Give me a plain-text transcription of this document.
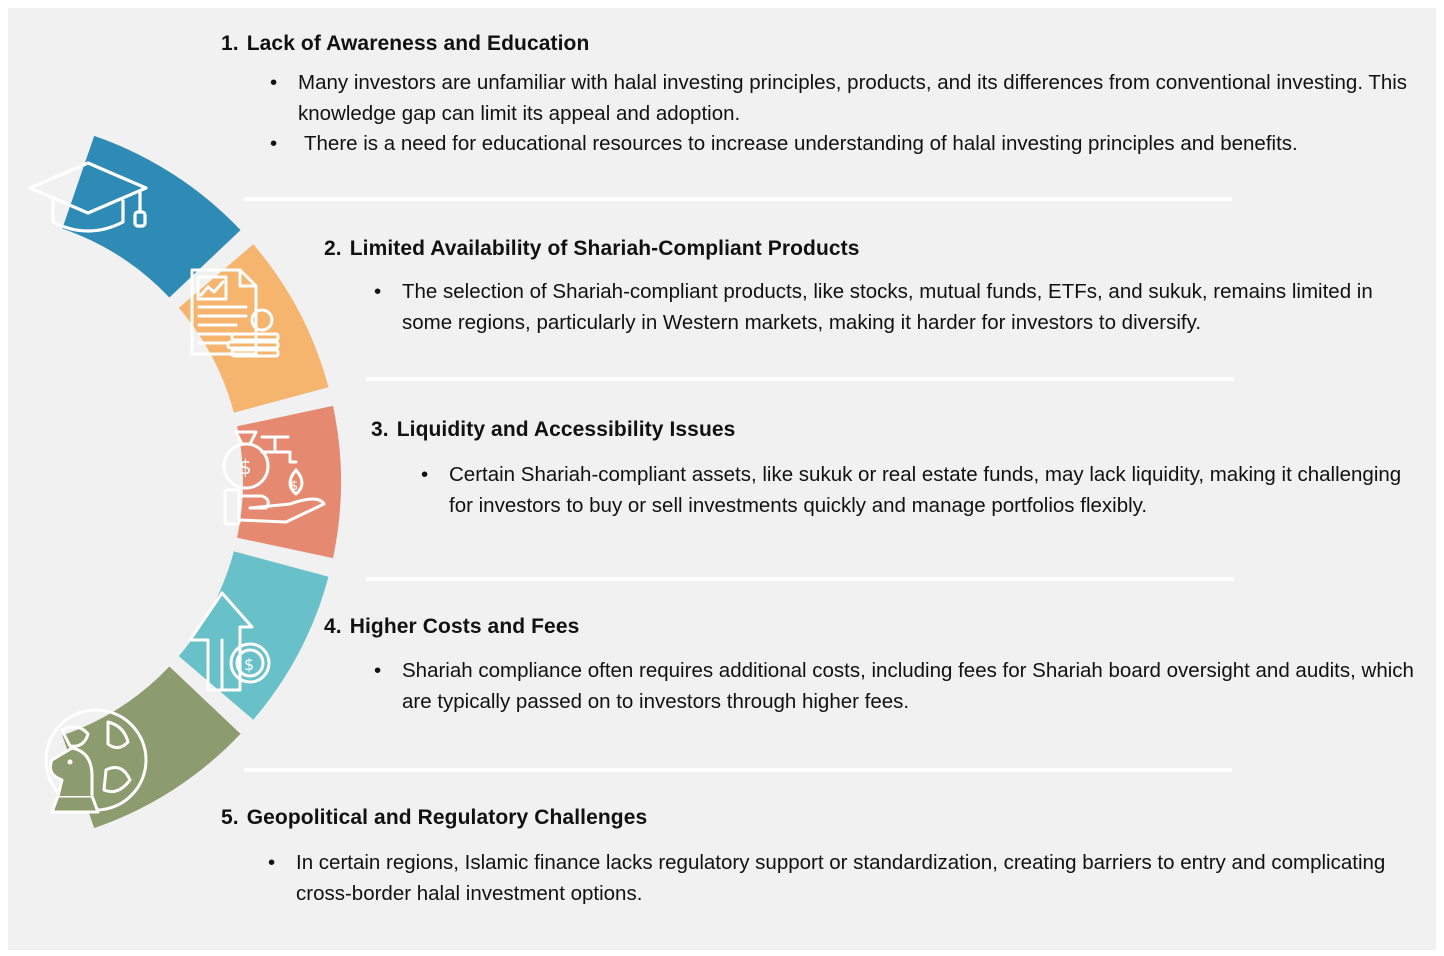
$
$
$
1. Lack of Awareness and Education
• Many investors are unfamiliar with halal investing principles, products, and its differences from conventional investing. This knowledge gap can limit its appeal and adoption.
• There is a need for educational resources to increase understanding of halal investing principles and benefits.
2. Limited Availability of Shariah-Compliant Products
• The selection of Shariah-compliant products, like stocks, mutual funds, ETFs, and sukuk, remains limited in some regions, particularly in Western markets, making it harder for investors to diversify.
3. Liquidity and Accessibility Issues
• Certain Shariah-compliant assets, like sukuk or real estate funds, may lack liquidity, making it challenging for investors to buy or sell investments quickly and manage portfolios flexibly.
4. Higher Costs and Fees
• Shariah compliance often requires additional costs, including fees for Shariah board oversight and audits, which are typically passed on to investors through higher fees.
5. Geopolitical and Regulatory Challenges
• In certain regions, Islamic finance lacks regulatory support or standardization, creating barriers to entry and complicating cross-border halal investment options.
